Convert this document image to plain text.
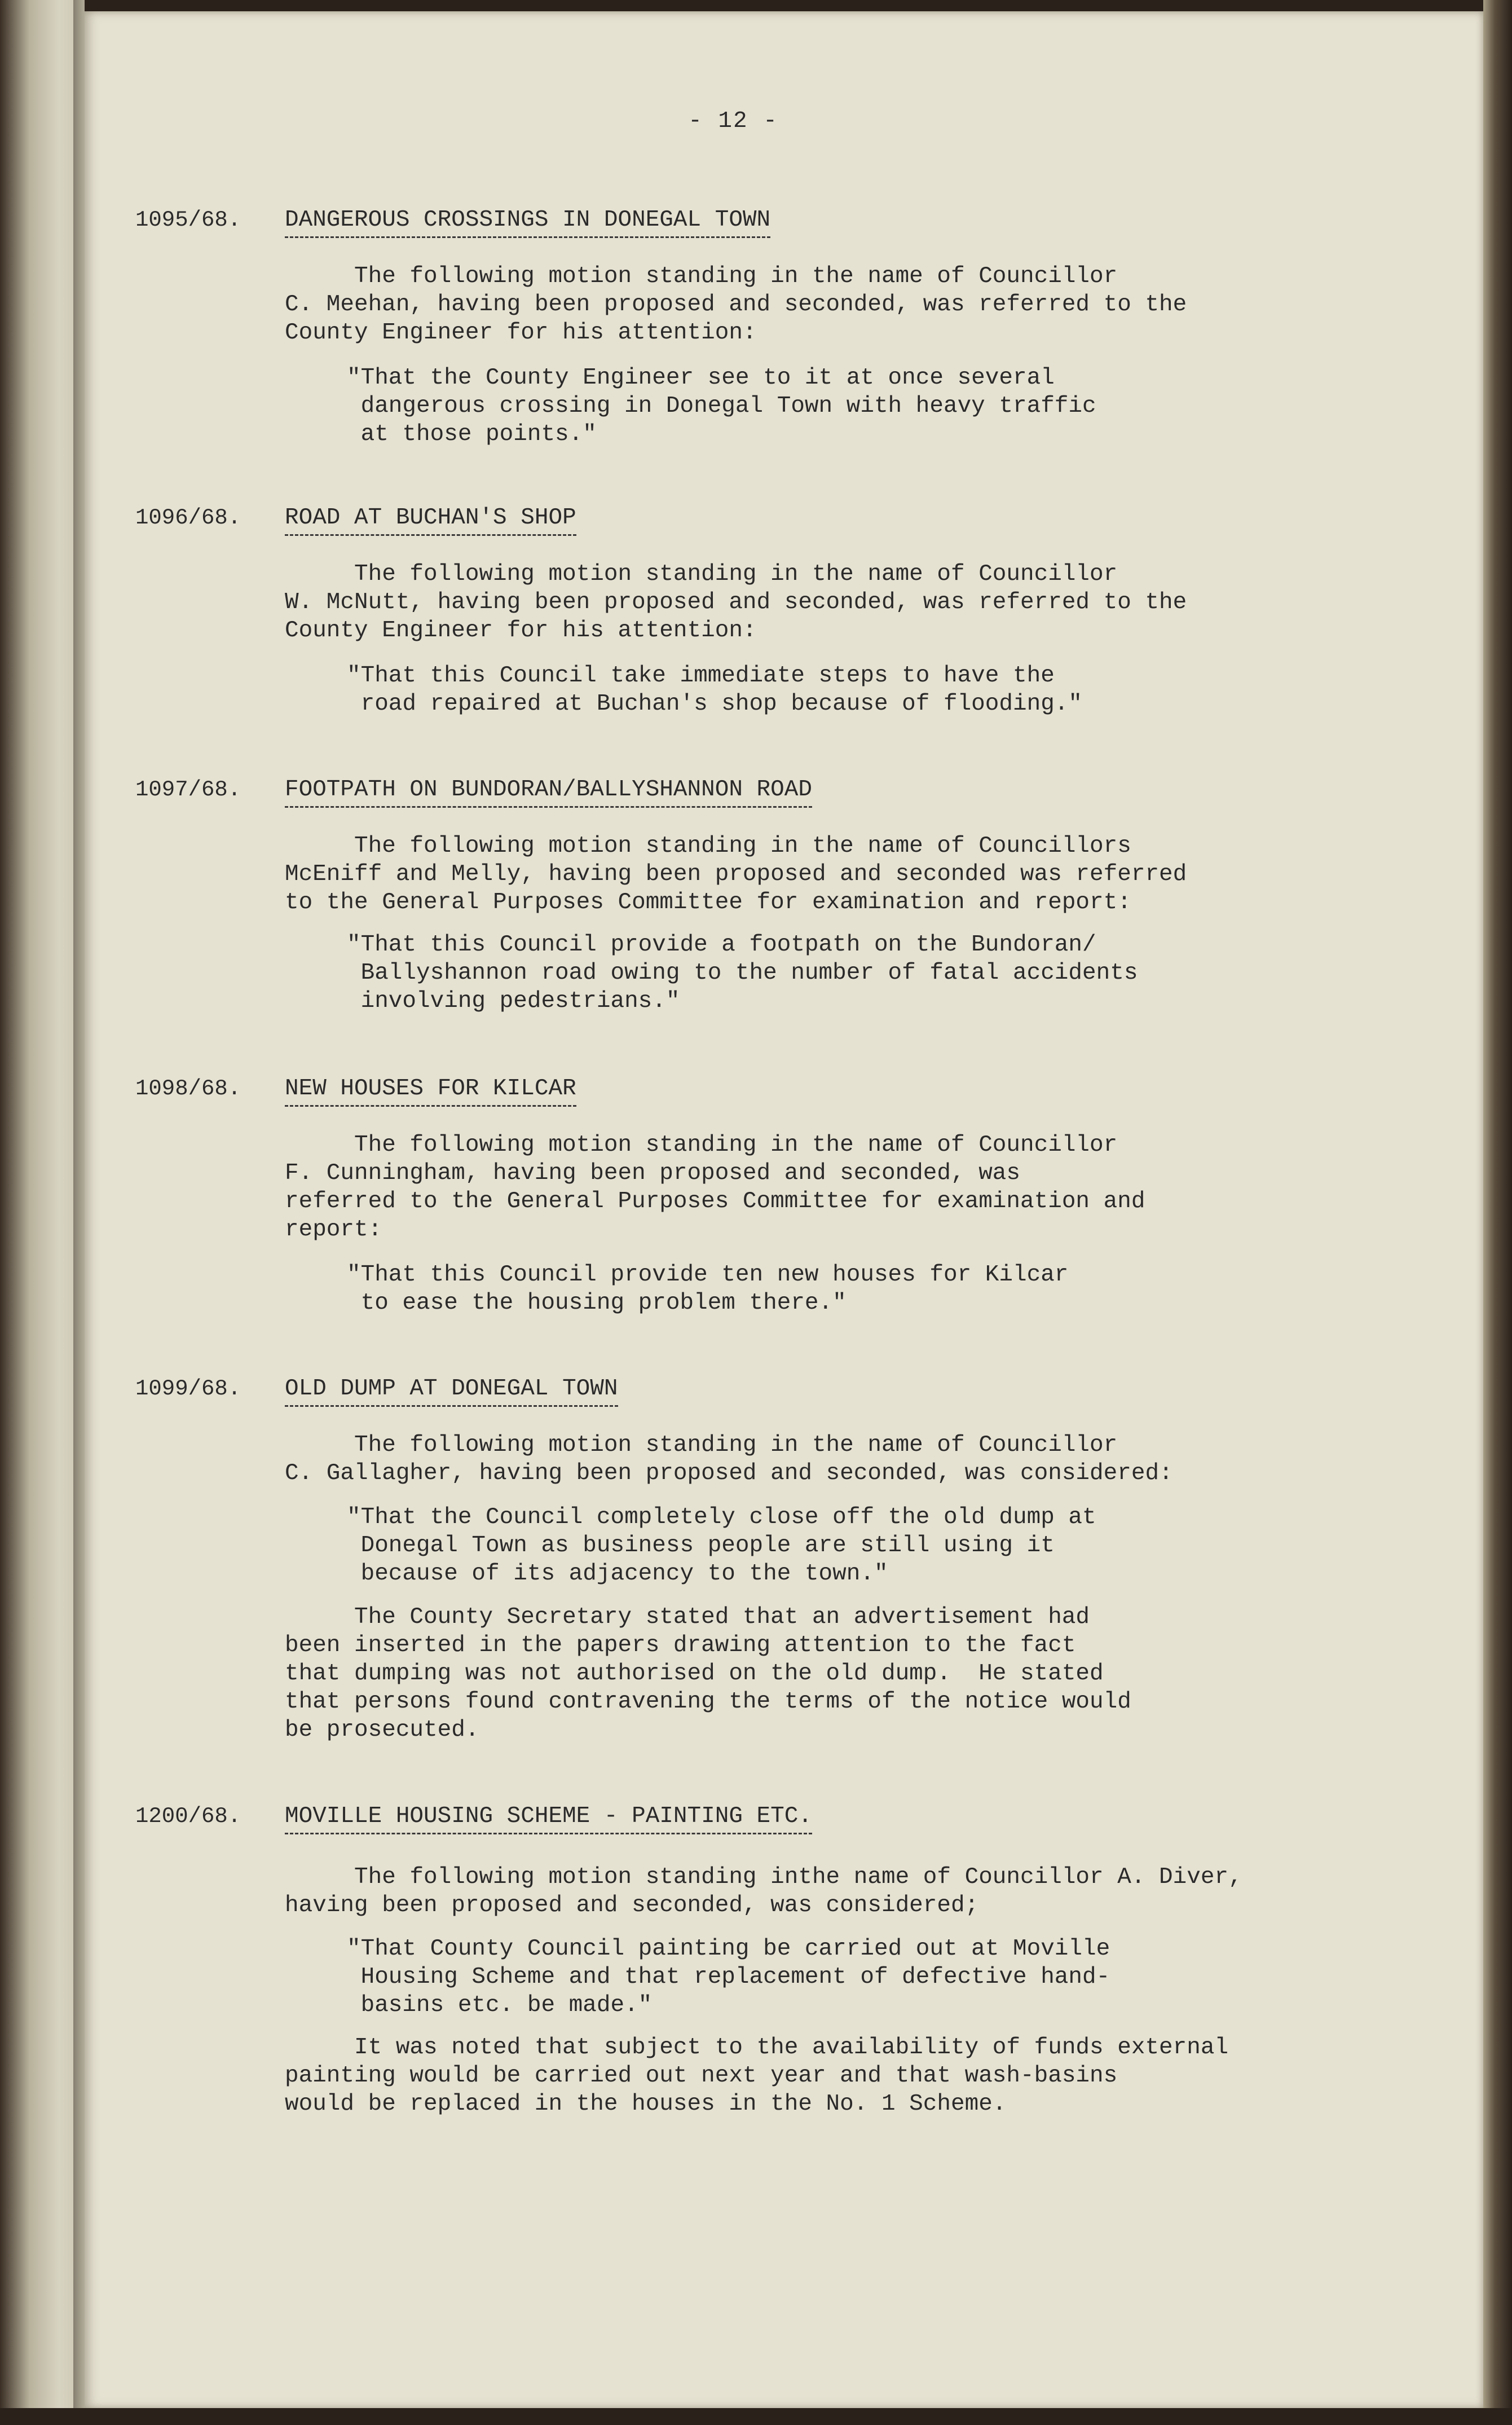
- 12 -
1095/68. DANGEROUS CROSSINGS IN DONEGAL TOWN
The following motion standing in the name of Councillor
C. Meehan, having been proposed and seconded, was referred to the
County Engineer for his attention:
"That the County Engineer see to it at once several
dangerous crossing in Donegal Town with heavy traffic
at those points."
1096/68. ROAD AT BUCHAN'S SHOP
The following motion standing in the name of Councillor
W. McNutt, having been proposed and seconded, was referred to the
County Engineer for his attention:
"That this Council take immediate steps to have the
road repaired at Buchan's shop because of flooding."
1097/68. FOOTPATH ON BUNDORAN/BALLYSHANNON ROAD
The following motion standing in the name of Councillors
McEniff and Melly, having been proposed and seconded was referred
to the General Purposes Committee for examination and report:
"That this Council provide a footpath on the Bundoran/
Ballyshannon road owing to the number of fatal accidents
involving pedestrians."
1098/68. NEW HOUSES FOR KILCAR
The following motion standing in the name of Councillor
F. Cunningham, having been proposed and seconded, was
referred to the General Purposes Committee for examination and
report:
"That this Council provide ten new houses for Kilcar
to ease the housing problem there."
1099/68. OLD DUMP AT DONEGAL TOWN
The following motion standing in the name of Councillor
C. Gallagher, having been proposed and seconded, was considered:
"That the Council completely close off the old dump at
Donegal Town as business people are still using it
because of its adjacency to the town."
The County Secretary stated that an advertisement had
been inserted in the papers drawing attention to the fact
that dumping was not authorised on the old dump.  He stated
that persons found contravening the terms of the notice would
be prosecuted.
1200/68. MOVILLE HOUSING SCHEME - PAINTING ETC.
The following motion standing inthe name of Councillor A. Diver,
having been proposed and seconded, was considered;
"That County Council painting be carried out at Moville
Housing Scheme and that replacement of defective hand-
basins etc. be made."
It was noted that subject to the availability of funds external
painting would be carried out next year and that wash-basins
would be replaced in the houses in the No. 1 Scheme.
